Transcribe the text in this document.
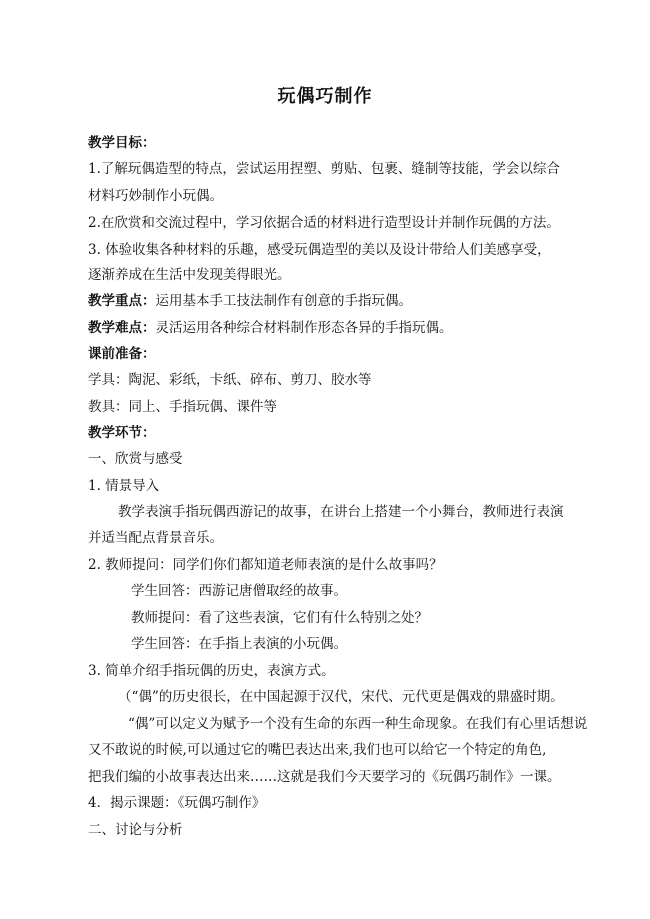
玩偶巧制作
教学目标：
1.了解玩偶造型的特点，尝试运用捏塑、剪贴、包裹、缝制等技能，学会以综合
材料巧妙制作小玩偶。
2.在欣赏和交流过程中，学习依据合适的材料进行造型设计并制作玩偶的方法。
3. 体验收集各种材料的乐趣，感受玩偶造型的美以及设计带给人们美感享受，
逐渐养成在生活中发现美得眼光。
教学重点：运用基本手工技法制作有创意的手指玩偶。
教学难点：灵活运用各种综合材料制作形态各异的手指玩偶。
课前准备：
学具：陶泥、彩纸，卡纸、碎布、剪刀、胶水等
教具：同上、手指玩偶、课件等
教学环节：
一、欣赏与感受
1. 情景导入
教学表演手指玩偶西游记的故事，在讲台上搭建一个小舞台，教师进行表演
并适当配点背景音乐。
2. 教师提问：同学们你们都知道老师表演的是什么故事吗？
学生回答：西游记唐僧取经的故事。
教师提问：看了这些表演，它们有什么特别之处？
学生回答：在手指上表演的小玩偶。
3. 简单介绍手指玩偶的历史，表演方式。
（“偶”的历史很长，在中国起源于汉代，宋代、元代更是偶戏的鼎盛时期。
“偶”可以定义为赋予一个没有生命的东西一种生命现象。在我们有心里话想说
又不敢说的时候,可以通过它的嘴巴表达出来,我们也可以给它一个特定的角色,
把我们编的小故事表达出来……这就是我们今天要学习的《玩偶巧制作》一课。
4．揭示课题：《玩偶巧制作》
二、讨论与分析
